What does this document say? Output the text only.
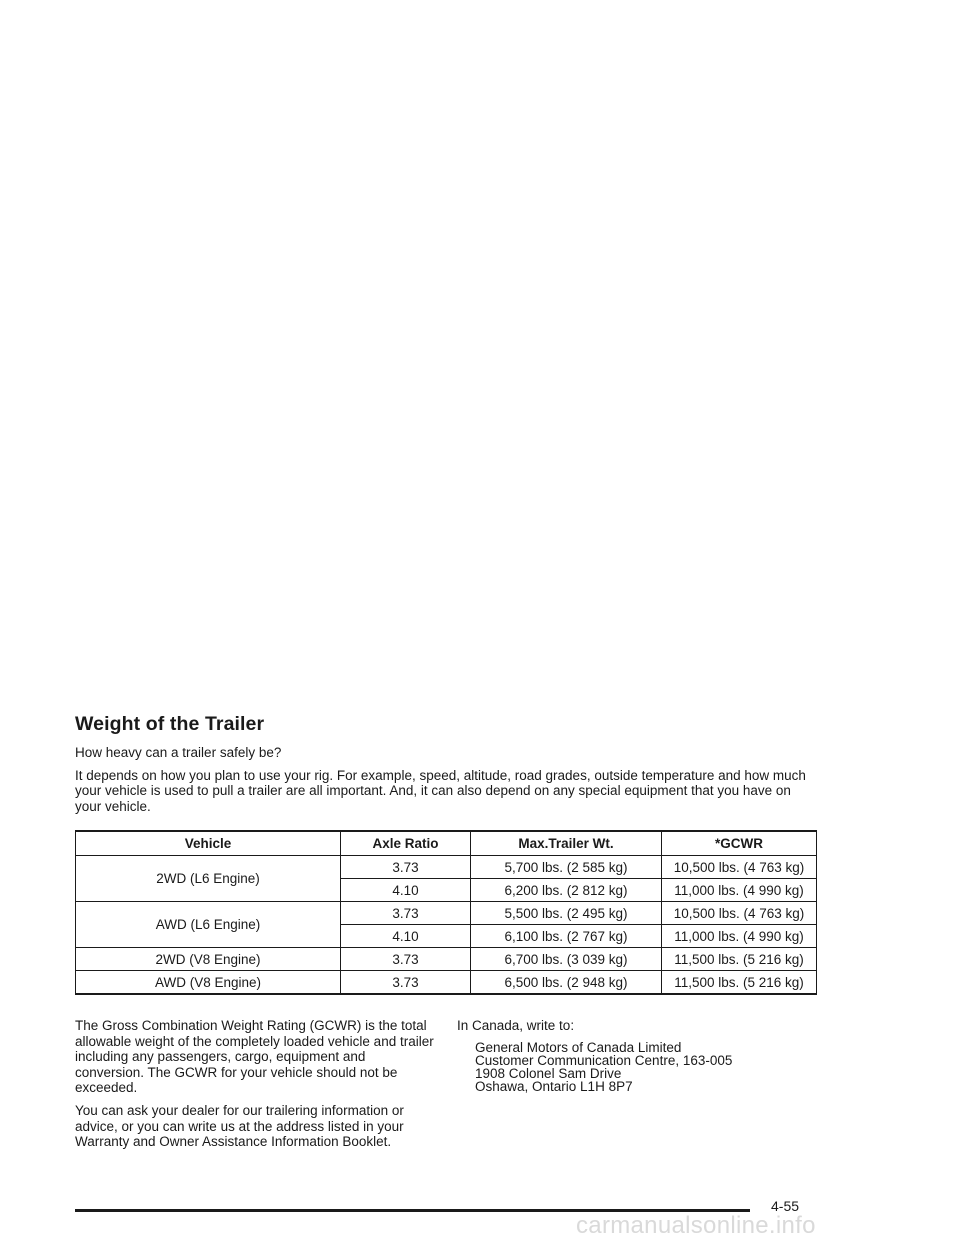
Weight of the Trailer

How heavy can a trailer safely be?

It depends on how you plan to use your rig. For example, speed, altitude, road grades, outside temperature and how much your vehicle is used to pull a trailer are all important. And, it can also depend on any special equipment that you have on your vehicle.

Vehicle	Axle Ratio	Max.Trailer Wt.	*GCWR
2WD (L6 Engine)	3.73	5,700 lbs. (2 585 kg)	10,500 lbs. (4 763 kg)
	4.10	6,200 lbs. (2 812 kg)	11,000 lbs. (4 990 kg)
AWD (L6 Engine)	3.73	5,500 lbs. (2 495 kg)	10,500 lbs. (4 763 kg)
	4.10	6,100 lbs. (2 767 kg)	11,000 lbs. (4 990 kg)
2WD (V8 Engine)	3.73	6,700 lbs. (3 039 kg)	11,500 lbs. (5 216 kg)
AWD (V8 Engine)	3.73	6,500 lbs. (2 948 kg)	11,500 lbs. (5 216 kg)

The Gross Combination Weight Rating (GCWR) is the total allowable weight of the completely loaded vehicle and trailer including any passengers, cargo, equipment and conversion. The GCWR for your vehicle should not be exceeded.

You can ask your dealer for our trailering information or advice, or you can write us at the address listed in your Warranty and Owner Assistance Information Booklet.

In Canada, write to:

General Motors of Canada Limited
Customer Communication Centre, 163-005
1908 Colonel Sam Drive
Oshawa, Ontario L1H 8P7
4-55
carmanualsonline.info
